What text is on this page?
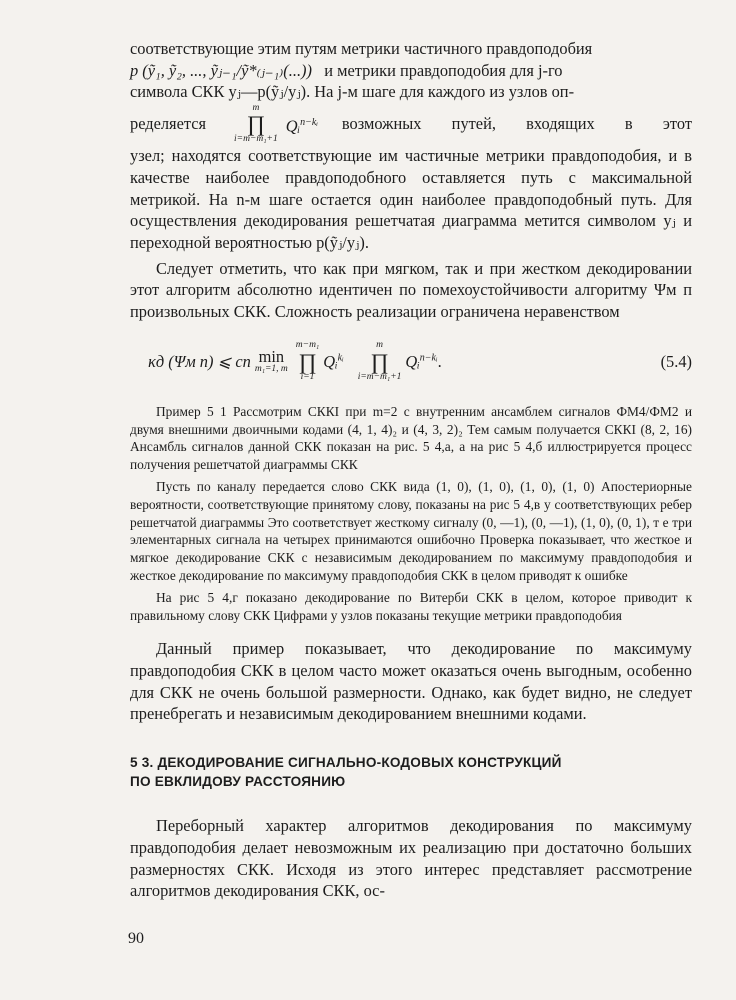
соответствующие этим путям метрики частичного правдоподобия

p (ỹ₁, ỹ₂, ..., ỹⱼ₋₁/ỹ*₍ⱼ₋₁₎(...)) и метрики правдоподобия для j-го

символа СКК yⱼ—p(ỹⱼ/yⱼ). На j-м шаге для каждого из узлов оп-

ределяется
m
∏
i=m−m₁+1
Qᵢ$^{n-kᵢ}$ возможных путей, входящих в этот

узел; находятся соответствующие им частичные метрики правдоподобия, и в качестве наиболее правдоподобного оставляется путь с максимальной метрикой. На n-м шаге остается один наиболее правдоподобный путь. Для осуществления декодирования решетчатая диаграмма метится символом yⱼ и переходной вероятностью p(ỹⱼ/yⱼ).

Следует отметить, что как при мягком, так и при жестком декодировании этот алгоритм абсолютно идентичен по помехоустойчивости алгоритму Ψм п произвольных СКК. Сложность реализации ограничена неравенством

κд (Ψм п) ⩽ cn min
m₁=1, m
m−m₁
∏
i=1
Qᵢ$^{kᵢ}$
m
∏
i=m−m₁+1
Qᵢ$^{n-kᵢ}$ .	(5.4)

Пример 5 1 Рассмотрим СККI при m=2 с внутренним ансамблем сигналов ФМ4/ФМ2 и двумя внешними двоичными кодами (4, 1, 4)₂ и (4, 3, 2)₂ Тем самым получается СККI (8, 2, 16) Ансамбль сигналов данной СКК показан на рис. 5 4,а, а на рис 5 4,б иллюстрируется процесс получения решетчатой диаграммы СКК

Пусть по каналу передается слово СКК вида (1, 0), (1, 0), (1, 0), (1, 0) Апостериорные вероятности, соответствующие принятому слову, показаны на рис 5 4,в у соответствующих ребер решетчатой диаграммы Это соответствует жесткому сигналу (0, —1), (0, —1), (1, 0), (0, 1), т е три элементарных сигнала на четырех принимаются ошибочно Проверка показывает, что жесткое и мягкое декодирование СКК с независимым декодированием по максимуму правдоподобия и жесткое декодирование по максимуму правдоподобия СКК в целом приводят к ошибке

На рис 5 4,г показано декодирование по Витерби СКК в целом, которое приводит к правильному слову СКК Цифрами у узлов показаны текущие метрики правдоподобия

Данный пример показывает, что декодирование по максимуму правдоподобия СКК в целом часто может оказаться очень выгодным, особенно для СКК не очень большой размерности. Однако, как будет видно, не следует пренебрегать и независимым декодированием внешними кодами.

5 3. ДЕКОДИРОВАНИЕ СИГНАЛЬНО-КОДОВЫХ КОНСТРУКЦИЙ
ПО ЕВКЛИДОВУ РАССТОЯНИЮ

Переборный характер алгоритмов декодирования по максимуму правдоподобия делает невозможным их реализацию при достаточно больших размерностях СКК. Исходя из этого интерес представляет рассмотрение алгоритмов декодирования СКК, ос-

90
